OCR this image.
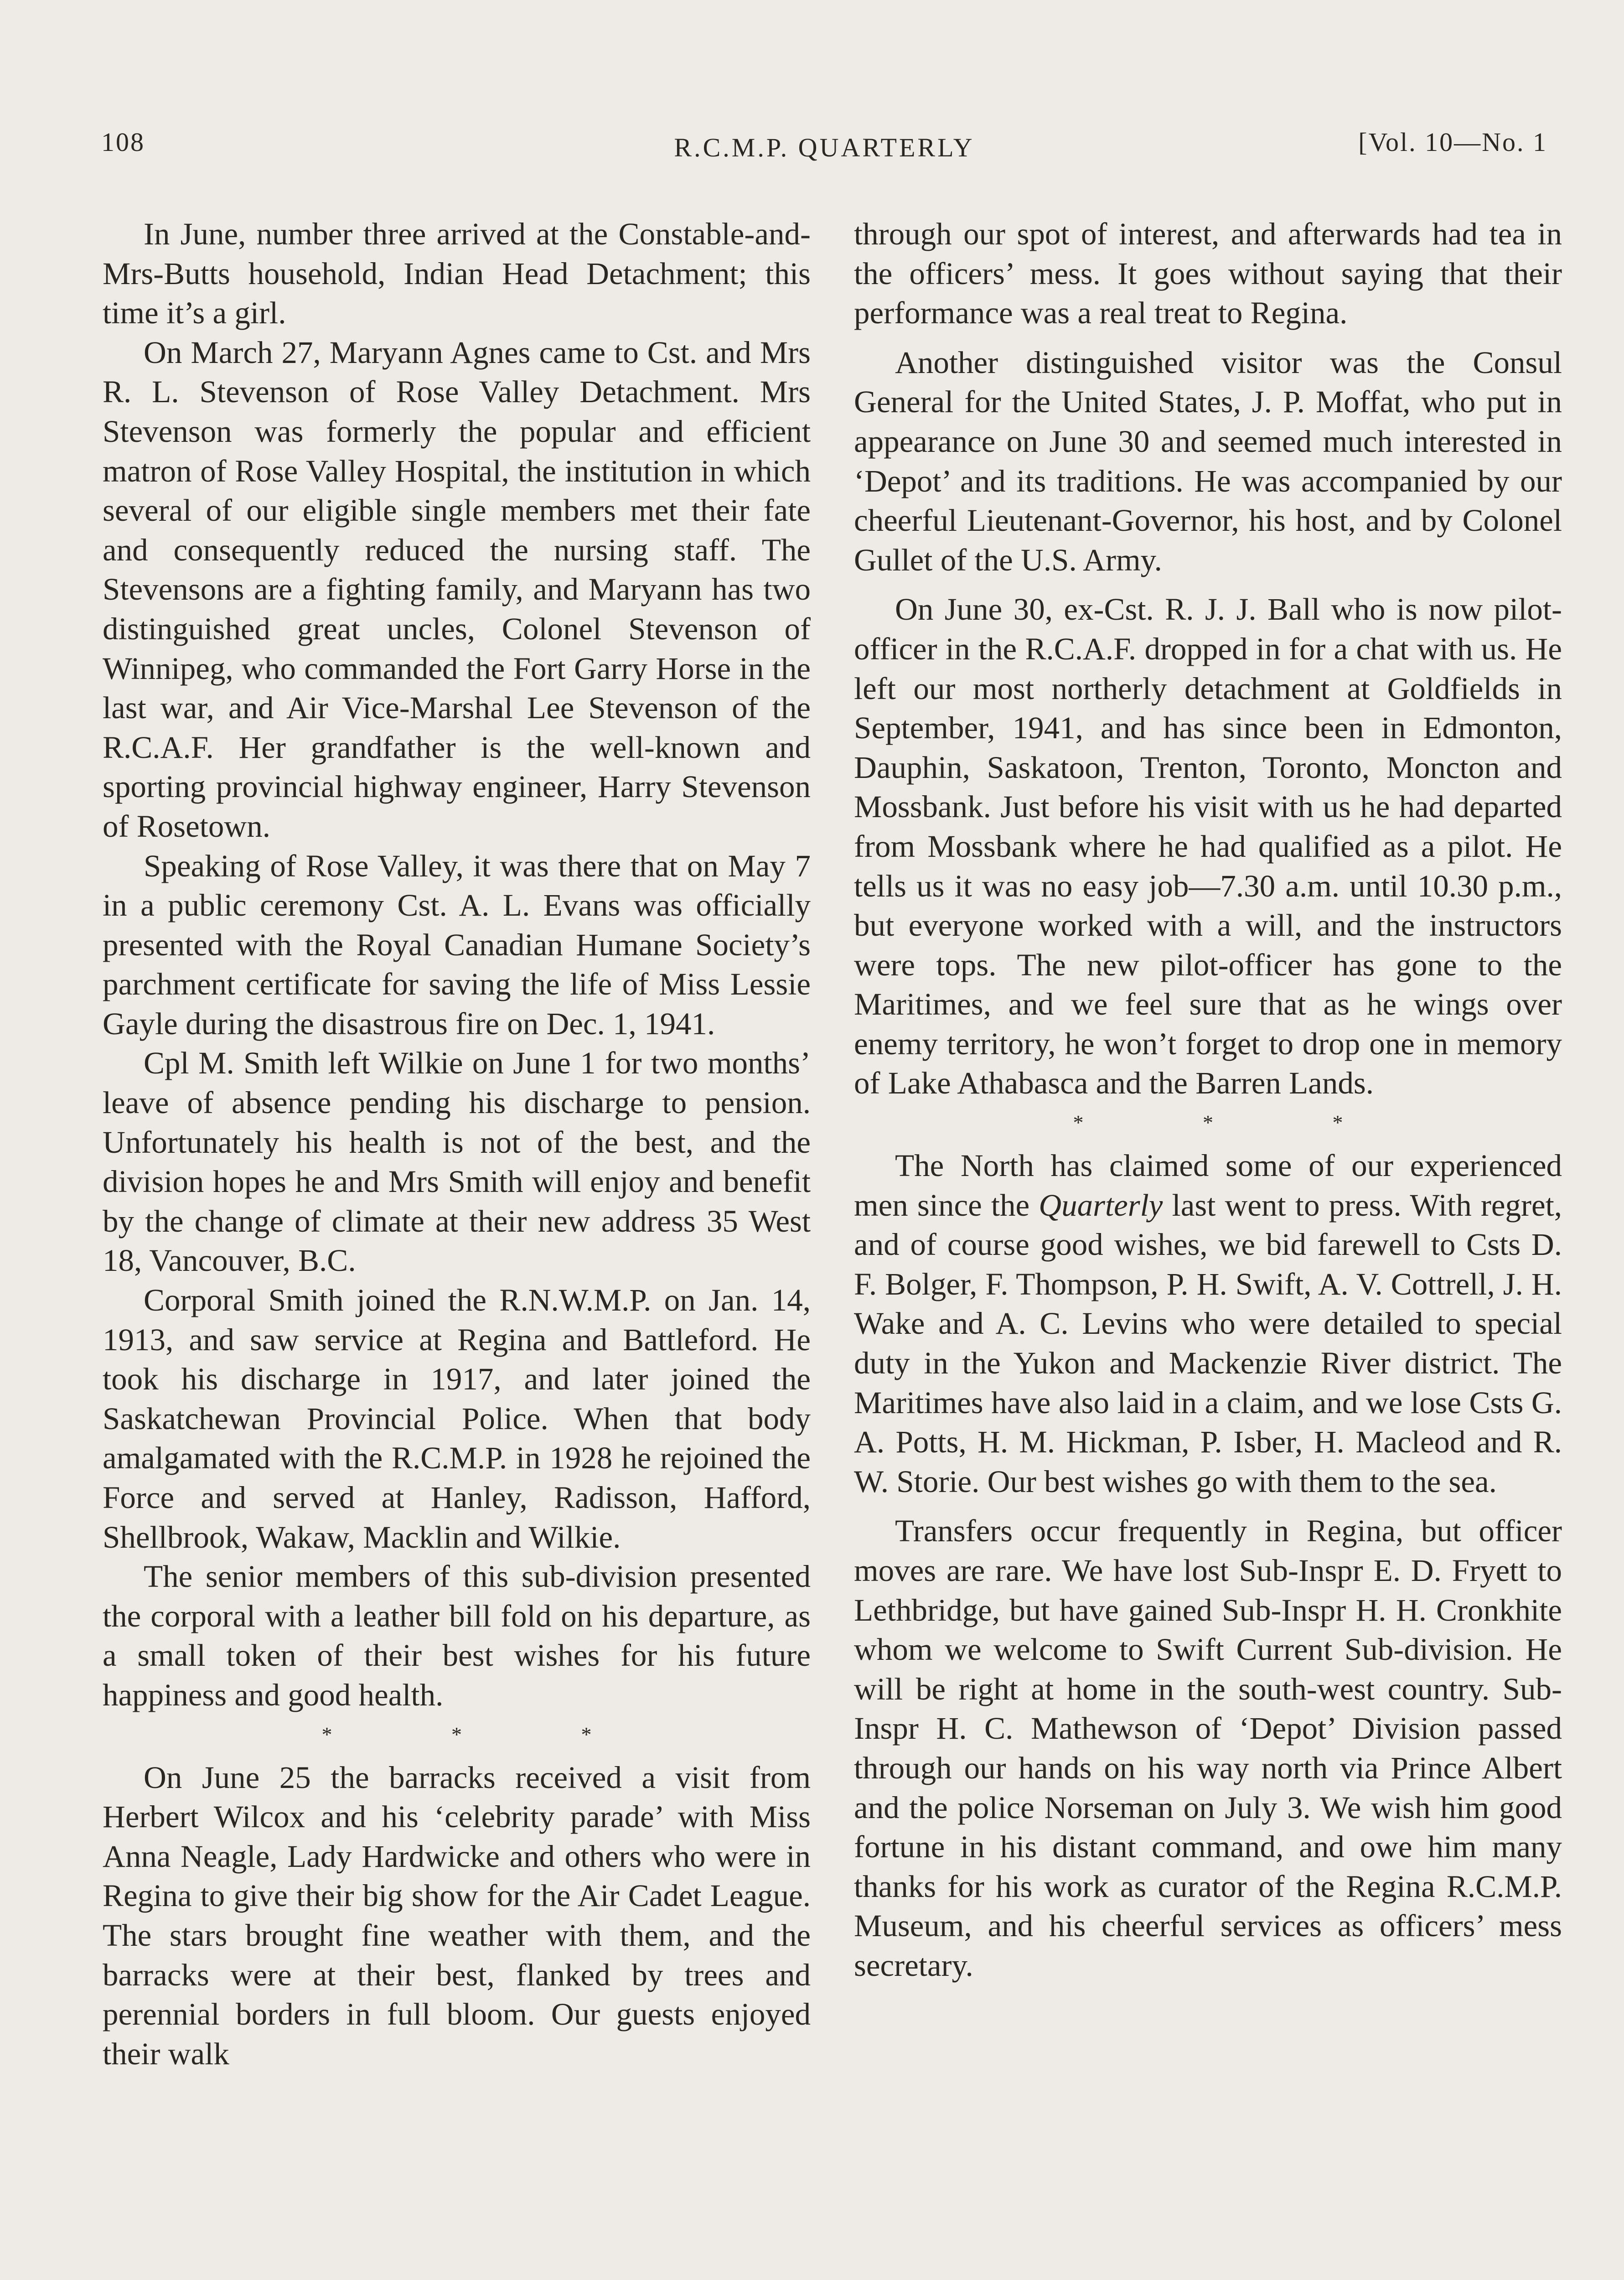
108	R.C.M.P. QUARTERLY	[Vol. 10—No. 1

In June, number three arrived at the Constable-and-Mrs-Butts household, Indian Head Detachment; this time it’s a girl.

On March 27, Maryann Agnes came to Cst. and Mrs R. L. Stevenson of Rose Valley Detachment. Mrs Stevenson was formerly the popular and efficient matron of Rose Valley Hospital, the institution in which several of our eligible single members met their fate and consequently reduced the nursing staff. The Stevensons are a fighting family, and Maryann has two distinguished great uncles, Colonel Stevenson of Winnipeg, who commanded the Fort Garry Horse in the last war, and Air Vice-Marshal Lee Stevenson of the R.C.A.F. Her grandfather is the well-known and sporting provincial highway engineer, Harry Stevenson of Rosetown.

Speaking of Rose Valley, it was there that on May 7 in a public ceremony Cst. A. L. Evans was officially presented with the Royal Canadian Humane Society’s parchment certificate for saving the life of Miss Lessie Gayle during the disastrous fire on Dec. 1, 1941.

Cpl M. Smith left Wilkie on June 1 for two months’ leave of absence pending his discharge to pension. Unfortunately his health is not of the best, and the division hopes he and Mrs Smith will enjoy and benefit by the change of climate at their new address 35 West 18, Vancouver, B.C.

Corporal Smith joined the R.N.W.M.P. on Jan. 14, 1913, and saw service at Regina and Battleford. He took his discharge in 1917, and later joined the Saskatchewan Provincial Police. When that body amalgamated with the R.C.M.P. in 1928 he rejoined the Force and served at Hanley, Radisson, Hafford, Shellbrook, Wakaw, Macklin and Wilkie.

The senior members of this sub-division presented the corporal with a leather bill fold on his departure, as a small token of their best wishes for his future happiness and good health.

*	*	*

On June 25 the barracks received a visit from Herbert Wilcox and his ‘celebrity parade’ with Miss Anna Neagle, Lady Hardwicke and others who were in Regina to give their big show for the Air Cadet League. The stars brought fine weather with them, and the barracks were at their best, flanked by trees and perennial borders in full bloom. Our guests enjoyed their walk

through our spot of interest, and afterwards had tea in the officers’ mess. It goes without saying that their performance was a real treat to Regina.

Another distinguished visitor was the Consul General for the United States, J. P. Moffat, who put in appearance on June 30 and seemed much interested in ‘Depot’ and its traditions. He was accompanied by our cheerful Lieutenant-Governor, his host, and by Colonel Gullet of the U.S. Army.

On June 30, ex-Cst. R. J. J. Ball who is now pilot-officer in the R.C.A.F. dropped in for a chat with us. He left our most northerly detachment at Goldfields in September, 1941, and has since been in Edmonton, Dauphin, Saskatoon, Trenton, Toronto, Moncton and Mossbank. Just before his visit with us he had departed from Mossbank where he had qualified as a pilot. He tells us it was no easy job—7.30 a.m. until 10.30 p.m., but everyone worked with a will, and the instructors were tops. The new pilot-officer has gone to the Maritimes, and we feel sure that as he wings over enemy territory, he won’t forget to drop one in memory of Lake Athabasca and the Barren Lands.

*	*	*

The North has claimed some of our experienced men since the Quarterly last went to press. With regret, and of course good wishes, we bid farewell to Csts D. F. Bolger, F. Thompson, P. H. Swift, A. V. Cottrell, J. H. Wake and A. C. Levins who were detailed to special duty in the Yukon and Mackenzie River district. The Maritimes have also laid in a claim, and we lose Csts G. A. Potts, H. M. Hickman, P. Isber, H. Macleod and R. W. Storie. Our best wishes go with them to the sea.

Transfers occur frequently in Regina, but officer moves are rare. We have lost Sub-Inspr E. D. Fryett to Lethbridge, but have gained Sub-Inspr H. H. Cronkhite whom we welcome to Swift Current Sub-division. He will be right at home in the south-west country. Sub-Inspr H. C. Mathewson of ‘Depot’ Division passed through our hands on his way north via Prince Albert and the police Norseman on July 3. We wish him good fortune in his distant command, and owe him many thanks for his work as curator of the Regina R.C.M.P. Museum, and his cheerful services as officers’ mess secretary.
